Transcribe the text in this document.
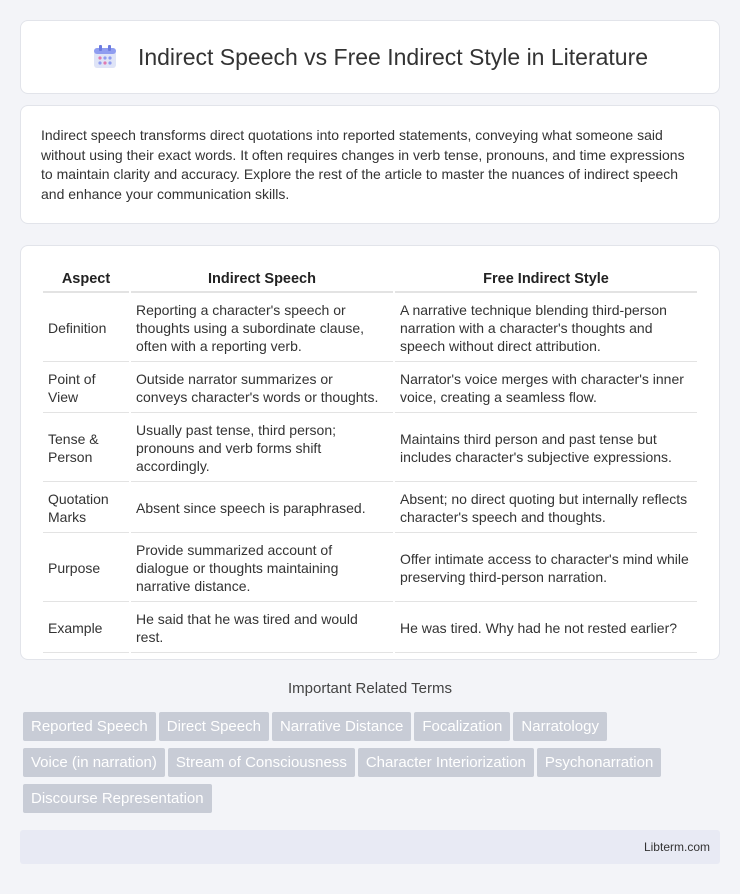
Indirect Speech vs Free Indirect Style in Literature

Indirect speech transforms direct quotations into reported statements, conveying what someone said without using their exact words. It often requires changes in verb tense, pronouns, and time expressions to maintain clarity and accuracy. Explore the rest of the article to master the nuances of indirect speech and enhance your communication skills.

Aspect	Indirect Speech	Free Indirect Style
Definition	Reporting a character's speech or thoughts using a subordinate clause, often with a reporting verb.	A narrative technique blending third-person narration with a character's thoughts and speech without direct attribution.
Point of View	Outside narrator summarizes or conveys character's words or thoughts.	Narrator's voice merges with character's inner voice, creating a seamless flow.
Tense & Person	Usually past tense, third person; pronouns and verb forms shift accordingly.	Maintains third person and past tense but includes character's subjective expressions.
Quotation Marks	Absent since speech is paraphrased.	Absent; no direct quoting but internally reflects character's speech and thoughts.
Purpose	Provide summarized account of dialogue or thoughts maintaining narrative distance.	Offer intimate access to character's mind while preserving third-person narration.
Example	He said that he was tired and would rest.	He was tired. Why had he not rested earlier?
Important Related Terms
Reported Speech Direct Speech Narrative Distance Focalization Narratology
Voice (in narration) Stream of Consciousness Character Interiorization Psychonarration
Discourse Representation
Libterm.com
